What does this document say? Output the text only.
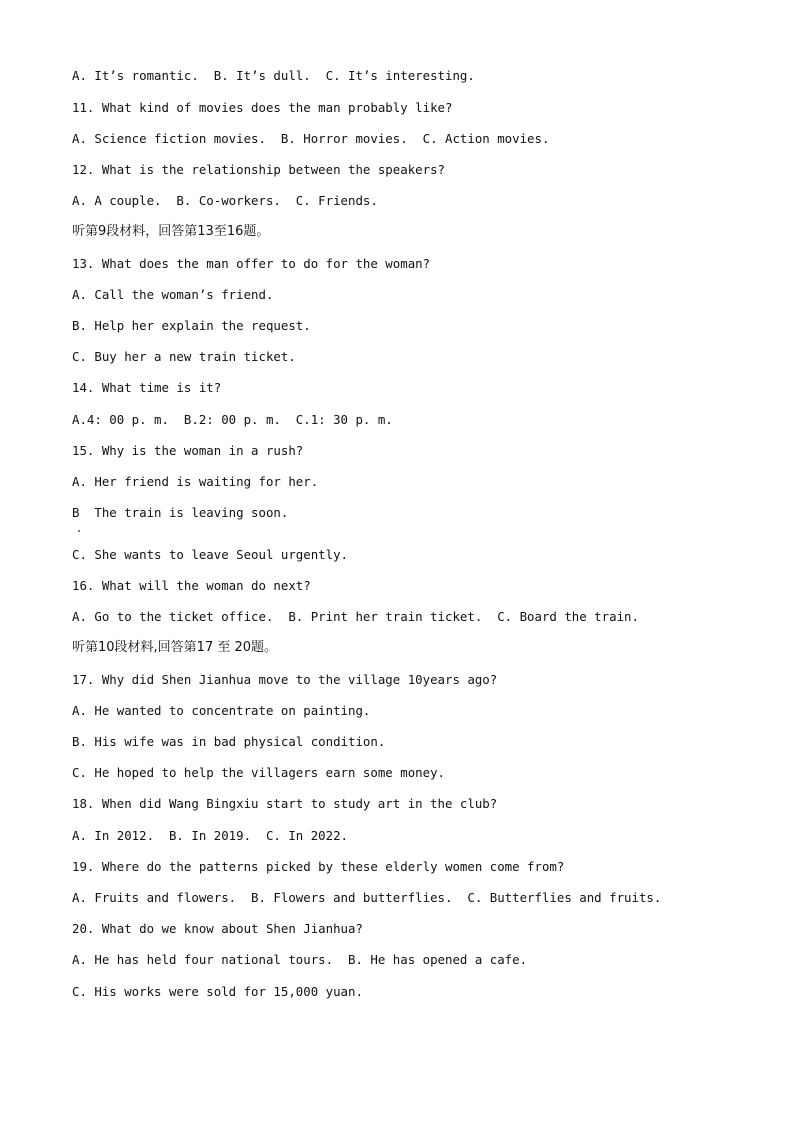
A. It’s romantic.  B. It’s dull.  C. It’s interesting.
11. What kind of movies does the man probably like?
A. Science fiction movies.  B. Horror movies.  C. Action movies.
12. What is the relationship between the speakers?
A. A couple.  B. Co-workers.  C. Friends.
听第9段材料，回答第13至16题。
13. What does the man offer to do for the woman?
A. Call the woman’s friend.
B. Help her explain the request.
C. Buy her a new train ticket.
14. What time is it?
A.4: 00 p. m.  B.2: 00 p. m.  C.1: 30 p. m.
15. Why is the woman in a rush?
A. Her friend is waiting for her.
B  The train is leaving soon.
C. She wants to leave Seoul urgently.
16. What will the woman do next?
A. Go to the ticket office.  B. Print her train ticket.  C. Board the train.
听第10段材料,回答第17 至 20题。
17. Why did Shen Jianhua move to the village 10years ago?
A. He wanted to concentrate on painting.
B. His wife was in bad physical condition.
C. He hoped to help the villagers earn some money.
18. When did Wang Bingxiu start to study art in the club?
A. In 2012.  B. In 2019.  C. In 2022.
19. Where do the patterns picked by these elderly women come from?
A. Fruits and flowers.  B. Flowers and butterflies.  C. Butterflies and fruits.
20. What do we know about Shen Jianhua?
A. He has held four national tours.  B. He has opened a cafe.
C. His works were sold for 15,000 yuan.
